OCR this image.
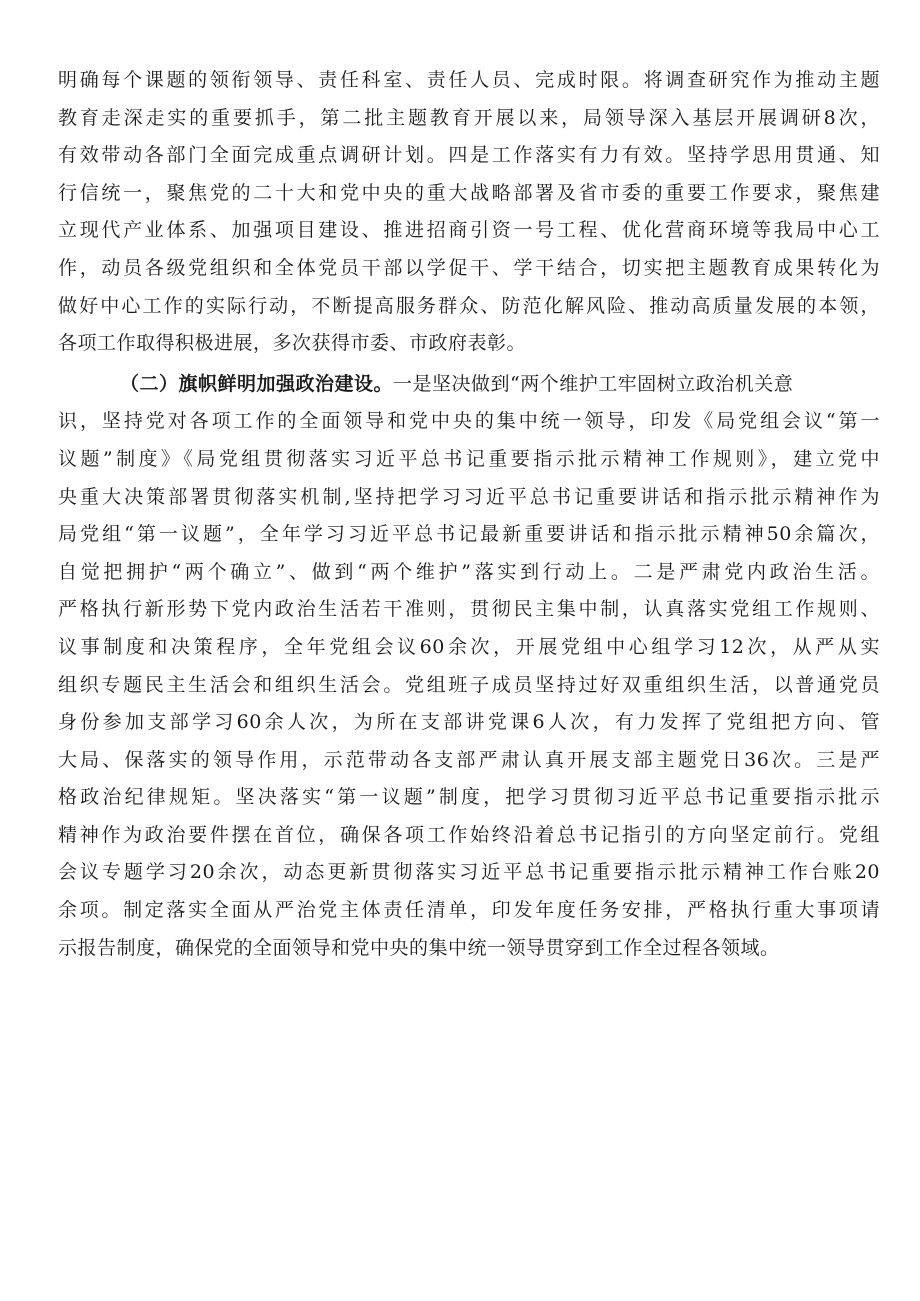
明确每个课题的领衔领导、责任科室、责任人员、完成时限。将调查研究作为推动主题
教育走深走实的重要抓手，第二批主题教育开展以来，局领导深入基层开展调研8次，
有效带动各部门全面完成重点调研计划。四是工作落实有力有效。坚持学思用贯通、知
行信统一，聚焦党的二十大和党中央的重大战略部署及省市委的重要工作要求，聚焦建
立现代产业体系、加强项目建设、推进招商引资一号工程、优化营商环境等我局中心工
作，动员各级党组织和全体党员干部以学促干、学干结合，切实把主题教育成果转化为
做好中心工作的实际行动，不断提高服务群众、防范化解风险、推动高质量发展的本领，
各项工作取得积极进展，多次获得市委、市政府表彰。
（二）旗帜鲜明加强政治建设。一是坚决做到“两个维护工牢固树立政治机关意
识，坚持党对各项工作的全面领导和党中央的集中统一领导，印发《局党组会议“第一
议题”制度》《局党组贯彻落实习近平总书记重要指示批示精神工作规则》，建立党中
央重大决策部署贯彻落实机制,坚持把学习习近平总书记重要讲话和指示批示精神作为
局党组“第一议题”，全年学习习近平总书记最新重要讲话和指示批示精神50余篇次，
自觉把拥护“两个确立”、做到“两个维护”落实到行动上。二是严肃党内政治生活。
严格执行新形势下党内政治生活若干准则，贯彻民主集中制，认真落实党组工作规则、
议事制度和决策程序，全年党组会议60余次，开展党组中心组学习12次，从严从实
组织专题民主生活会和组织生活会。党组班子成员坚持过好双重组织生活，以普通党员
身份参加支部学习60余人次，为所在支部讲党课6人次，有力发挥了党组把方向、管
大局、保落实的领导作用，示范带动各支部严肃认真开展支部主题党日36次。三是严
格政治纪律规矩。坚决落实“第一议题”制度，把学习贯彻习近平总书记重要指示批示
精神作为政治要件摆在首位，确保各项工作始终沿着总书记指引的方向坚定前行。党组
会议专题学习20余次，动态更新贯彻落实习近平总书记重要指示批示精神工作台账20
余项。制定落实全面从严治党主体责任清单，印发年度任务安排，严格执行重大事项请
示报告制度，确保党的全面领导和党中央的集中统一领导贯穿到工作全过程各领域。
